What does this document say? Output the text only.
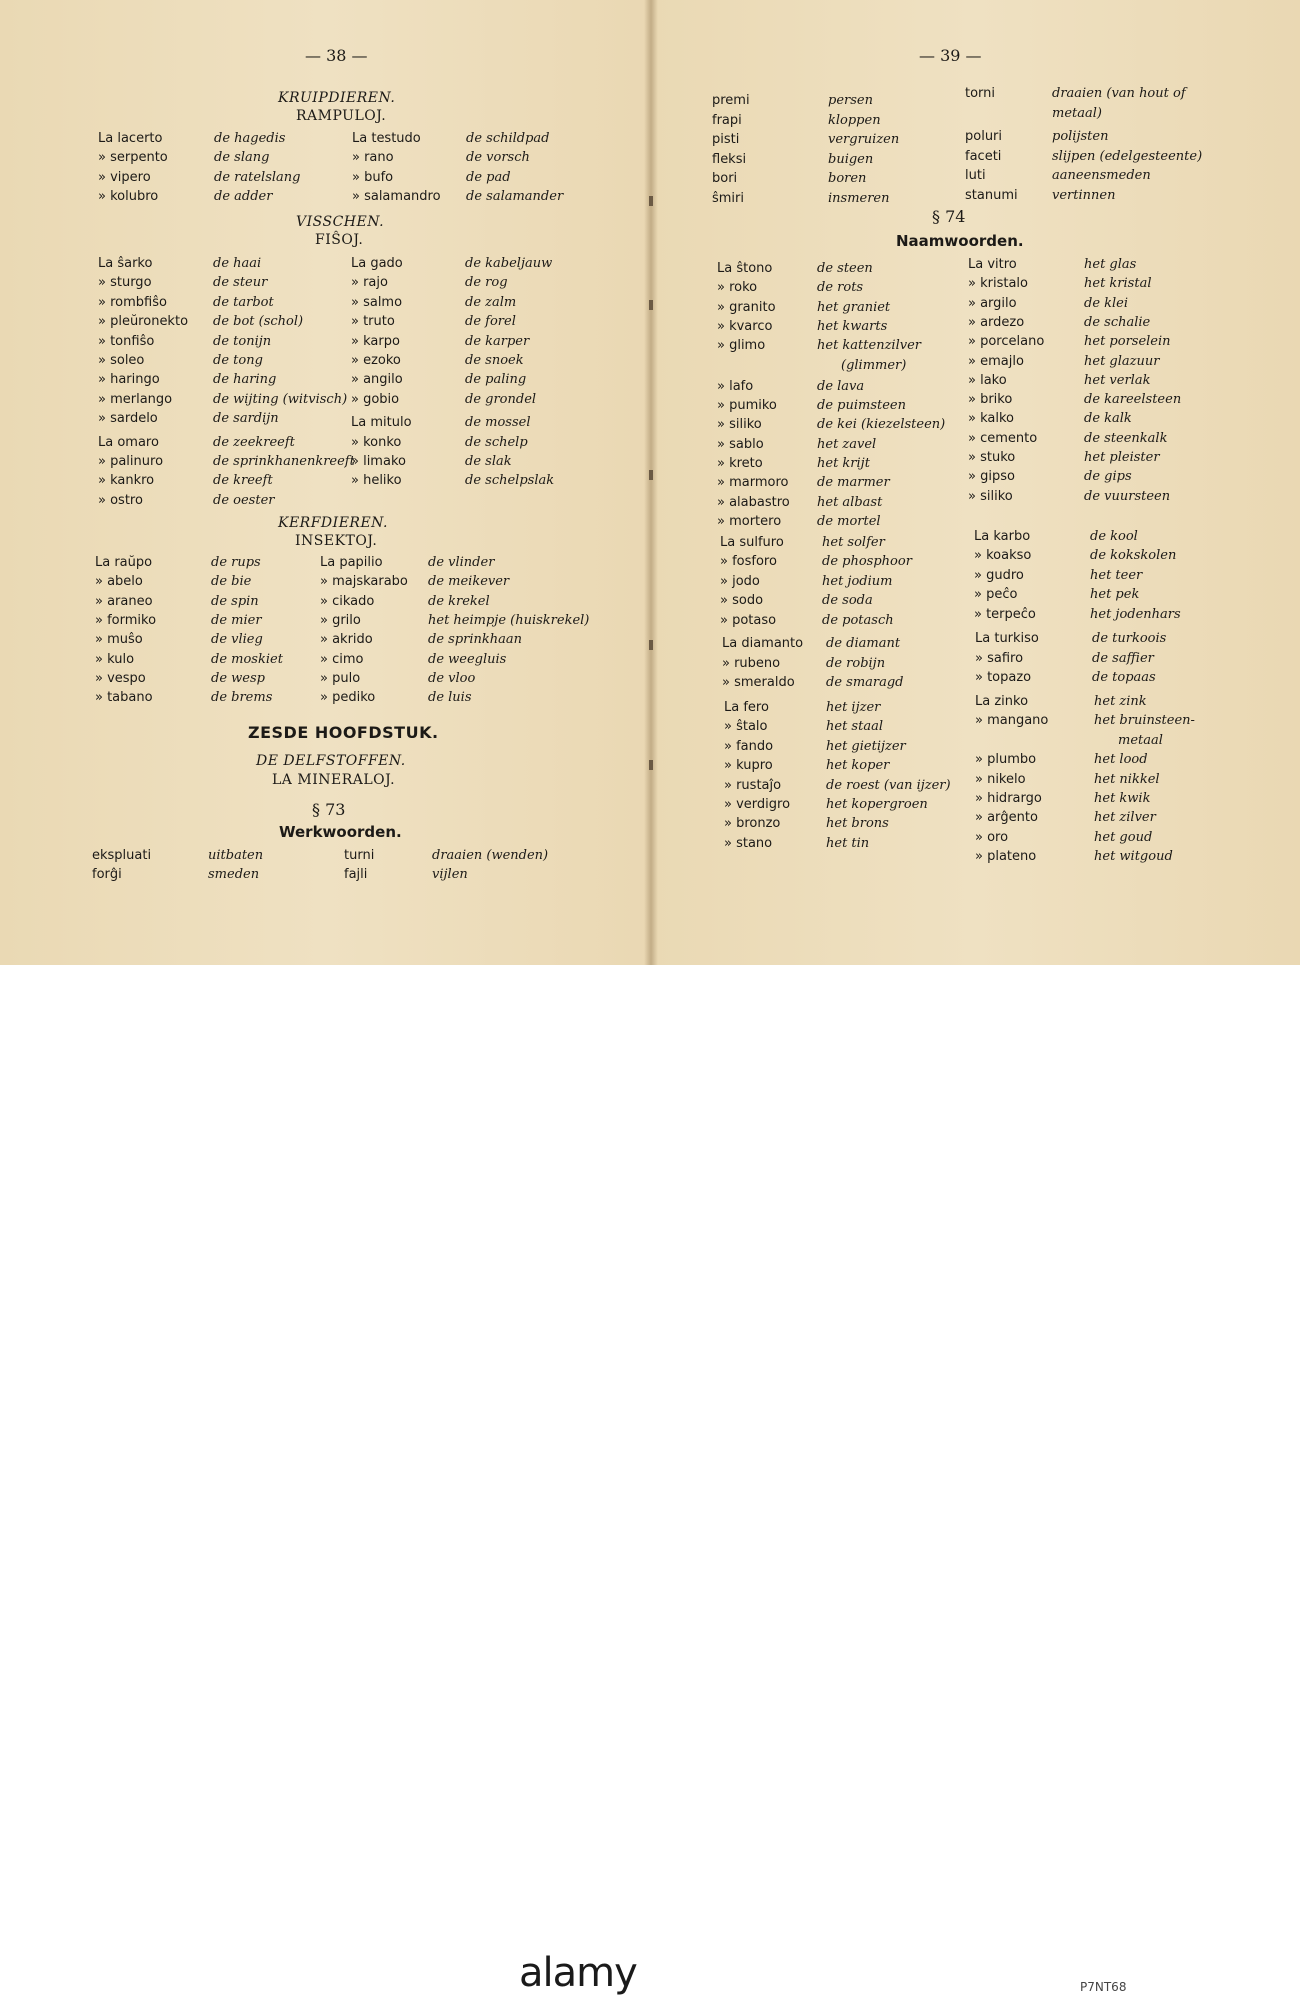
— 38 —
KRUIPDIEREN.
RAMPULOJ.
VISSCHEN.
FIŜOJ.
KERFDIEREN.
INSEKTOJ.
ZESDE HOOFDSTUK.
DE DELFSTOFFEN.
LA MINERALOJ.
§ 73
Werkwoorden.
— 39 —
§ 74
Naamwoorden.
La lacerto	de hagedis
» serpento	de slang
» vipero	de ratelslang
» kolubro	de adder
La testudo	de schildpad
» rano	de vorsch
» bufo	de pad
» salamandro de salamander
La ŝarko	de haai
» sturgo	de steur
» rombfiŝo	de tarbot
» pleŭronekto de bot (schol)
» tonfiŝo	de tonijn
» soleo	de tong
» haringo	de haring
» merlango	de wijting (witvisch)
» sardelo	de sardijn
La omaro	de zeekreeft
» palinuro	de sprinkhanenkreeft
» kankro	de kreeft
» ostro	de oester
La gado	de kabeljauw
» rajo	de rog
» salmo	de zalm
» truto	de forel
» karpo	de karper
» ezoko	de snoek
» angilo	de paling
» gobio	de grondel
La mitulo	de mossel
» konko	de schelp
» limako	de slak
» heliko	de schelpslak
La raŭpo	de rups
» abelo	de bie
» araneo	de spin
» formiko	de mier
» muŝo	de vlieg
» kulo	de moskiet
» vespo	de wesp
» tabano	de brems
La papilio	de vlinder
» majskarabo de meikever
» cikado	de krekel
» grilo	het heimpje (huiskrekel)
» akrido	de sprinkhaan
» cimo	de weegluis
» pulo	de vloo
» pediko	de luis
premi	persen
frapi	kloppen
pisti	vergruizen
fleksi	buigen
bori	boren
ŝmiri	insmeren
torni	draaien (van hout of
metaal)
poluri	polijsten
faceti	slijpen (edelgesteente)
luti	aaneensmeden
stanumi	vertinnen
La ŝtono	de steen
» roko	de rots
» granito	het graniet
» kvarco	het kwarts
» glimo	het kattenzilver
(glimmer)
» lafo	de lava
» pumiko	de puimsteen
» siliko	de kei (kiezelsteen)
» sablo	het zavel
» kreto	het krijt
» marmoro de marmer
» alabastro het albast
» mortero	de mortel
La vitro	het glas
» kristalo	het kristal
» argilo	de klei
» ardezo	de schalie
» porcelano	het porselein
» emajlo	het glazuur
» lako	het verlak
» briko	de kareelsteen
» kalko	de kalk
» cemento	de steenkalk
» stuko	het pleister
» gipso	de gips
» siliko	de vuursteen
La sulfuro	het solfer
» fosforo	de phosphoor
» jodo	het jodium
» sodo	de soda
» potaso	de potasch
La karbo	de kool
» koakso	de kokskolen
» gudro	het teer
» peĉo	het pek
» terpeĉo	het jodenhars
La diamanto de diamant
» rubeno	de robijn
» smeraldo de smaragd
La turkiso	de turkoois
» safiro	de saffier
» topazo	de topaas
La fero	het ijzer
» ŝtalo	het staal
» fando	het gietijzer
» kupro	het koper
» rustaĵo	de roest (van ijzer)
» verdigro	het kopergroen
» bronzo	het brons
» stano	het tin
La zinko	het zink
» mangano	het bruinsteen-
metaal
» plumbo	het lood
» nikelo	het nikkel
» hidrargo	het kwik
» arĝento	het zilver
» oro	het goud
» plateno	het witgoud
ekspluati	uitbaten	turni	draaien (wenden)
forĝi	smeden	fajli	vijlen
alamy	P7NT68
